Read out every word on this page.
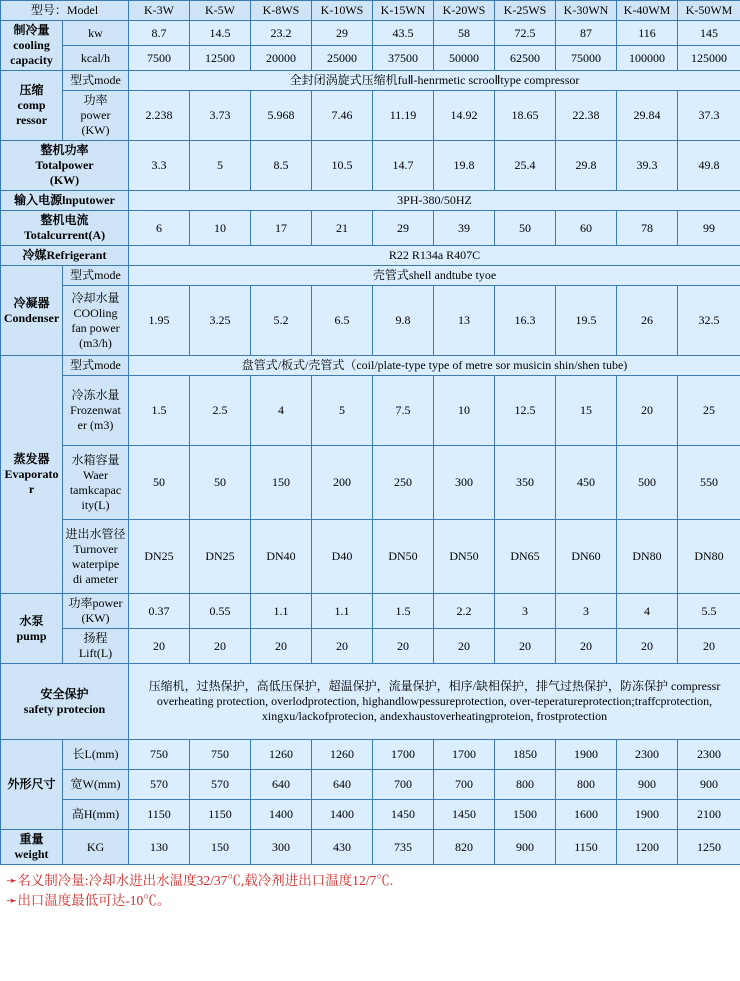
型号：Model		K-3W	K-5W	K-8WS	K-10WS	K-15WN	K-20WS	K-25WS	K-30WN	K-40WM	K-50WM

制冷量
cooling
capacity	kw	8.7	14.5	23.2	29	43.5	58	72.5	87	116	145
	kcal/h	7500	12500	20000	25000	37500	50000	62500	75000	100000	125000

压缩
comp
ressor	型式mode	全封闭涡旋式压缩机fuⅡ-henrmetic scrooⅡtype compressor									

	功率
power
(KW)	2.238	3.73	5.968	7.46	11.19	14.92	18.65	22.38	29.84	37.3

整机功率
Totalpower
(KW)		3.3	5	8.5	10.5	14.7	19.8	25.4	29.8	39.3	49.8
输入电源lnputower		3PH-380/50HZ									

整机电流
Totalcurrent(A)		6	10	17	21	29	39	50	60	78	99
冷媒Refrigerant		R22 R134a R407C									

冷凝器
Condenser	型式mode	壳管式shell andtube tyoe									

	冷却水量
COOling
fan power
(m3/h)	1.95	3.25	5.2	6.5	9.8	13	16.3	19.5	26	32.5

蒸发器
Evaporator	型式mode	盘管式/板式/壳管式（coil/plate-type type of metre sor musicin shin/shen tube)									

	冷冻水量
Frozenwat
er (m3)	1.5	2.5	4	5	7.5	10	12.5	15	20	25

	水箱容量
Waer
tamkcapac
ity(L)	50	50	150	200	250	300	350	450	500	550

	进出水管径
Turnover
waterpipe
di ameter	DN25	DN25	DN40	D40	DN50	DN50	DN65	DN60	DN80	DN80

水泵
pump	功率power
(KW)	0.37	0.55	1.1	1.1	1.5	2.2	3	3	4	5.5

	扬程
Lift(L)	20	20	20	20	20	20	20	20	20	20

安全保护
safety protecion		压缩机，过热保护，高低压保护，超温保护，流量保护，相序/缺相保护，排气过热保护，防冻保护 compressr overheating protection, overlodprotection, highandlowpessureprotection, over-teperatureprotection;traffcprotection, xingxu/lackofprotecion, andexhaustoverheatingproteion, frostprotection									
外形尺寸	长L(mm)	750	750	1260	1260	1700	1700	1850	1900	2300	2300
	宽W(mm)	570	570	640	640	700	700	800	800	900	900
	高H(mm)	1150	1150	1400	1400	1450	1450	1500	1600	1900	2100

重量
weight	KG	130	150	300	430	735	820	900	1150	1200	1250
➛ 名义制冷量:冷却水进出水温度32/37℃,载冷剂进出口温度12/7℃.
➛ 出口温度最低可达-10℃。
